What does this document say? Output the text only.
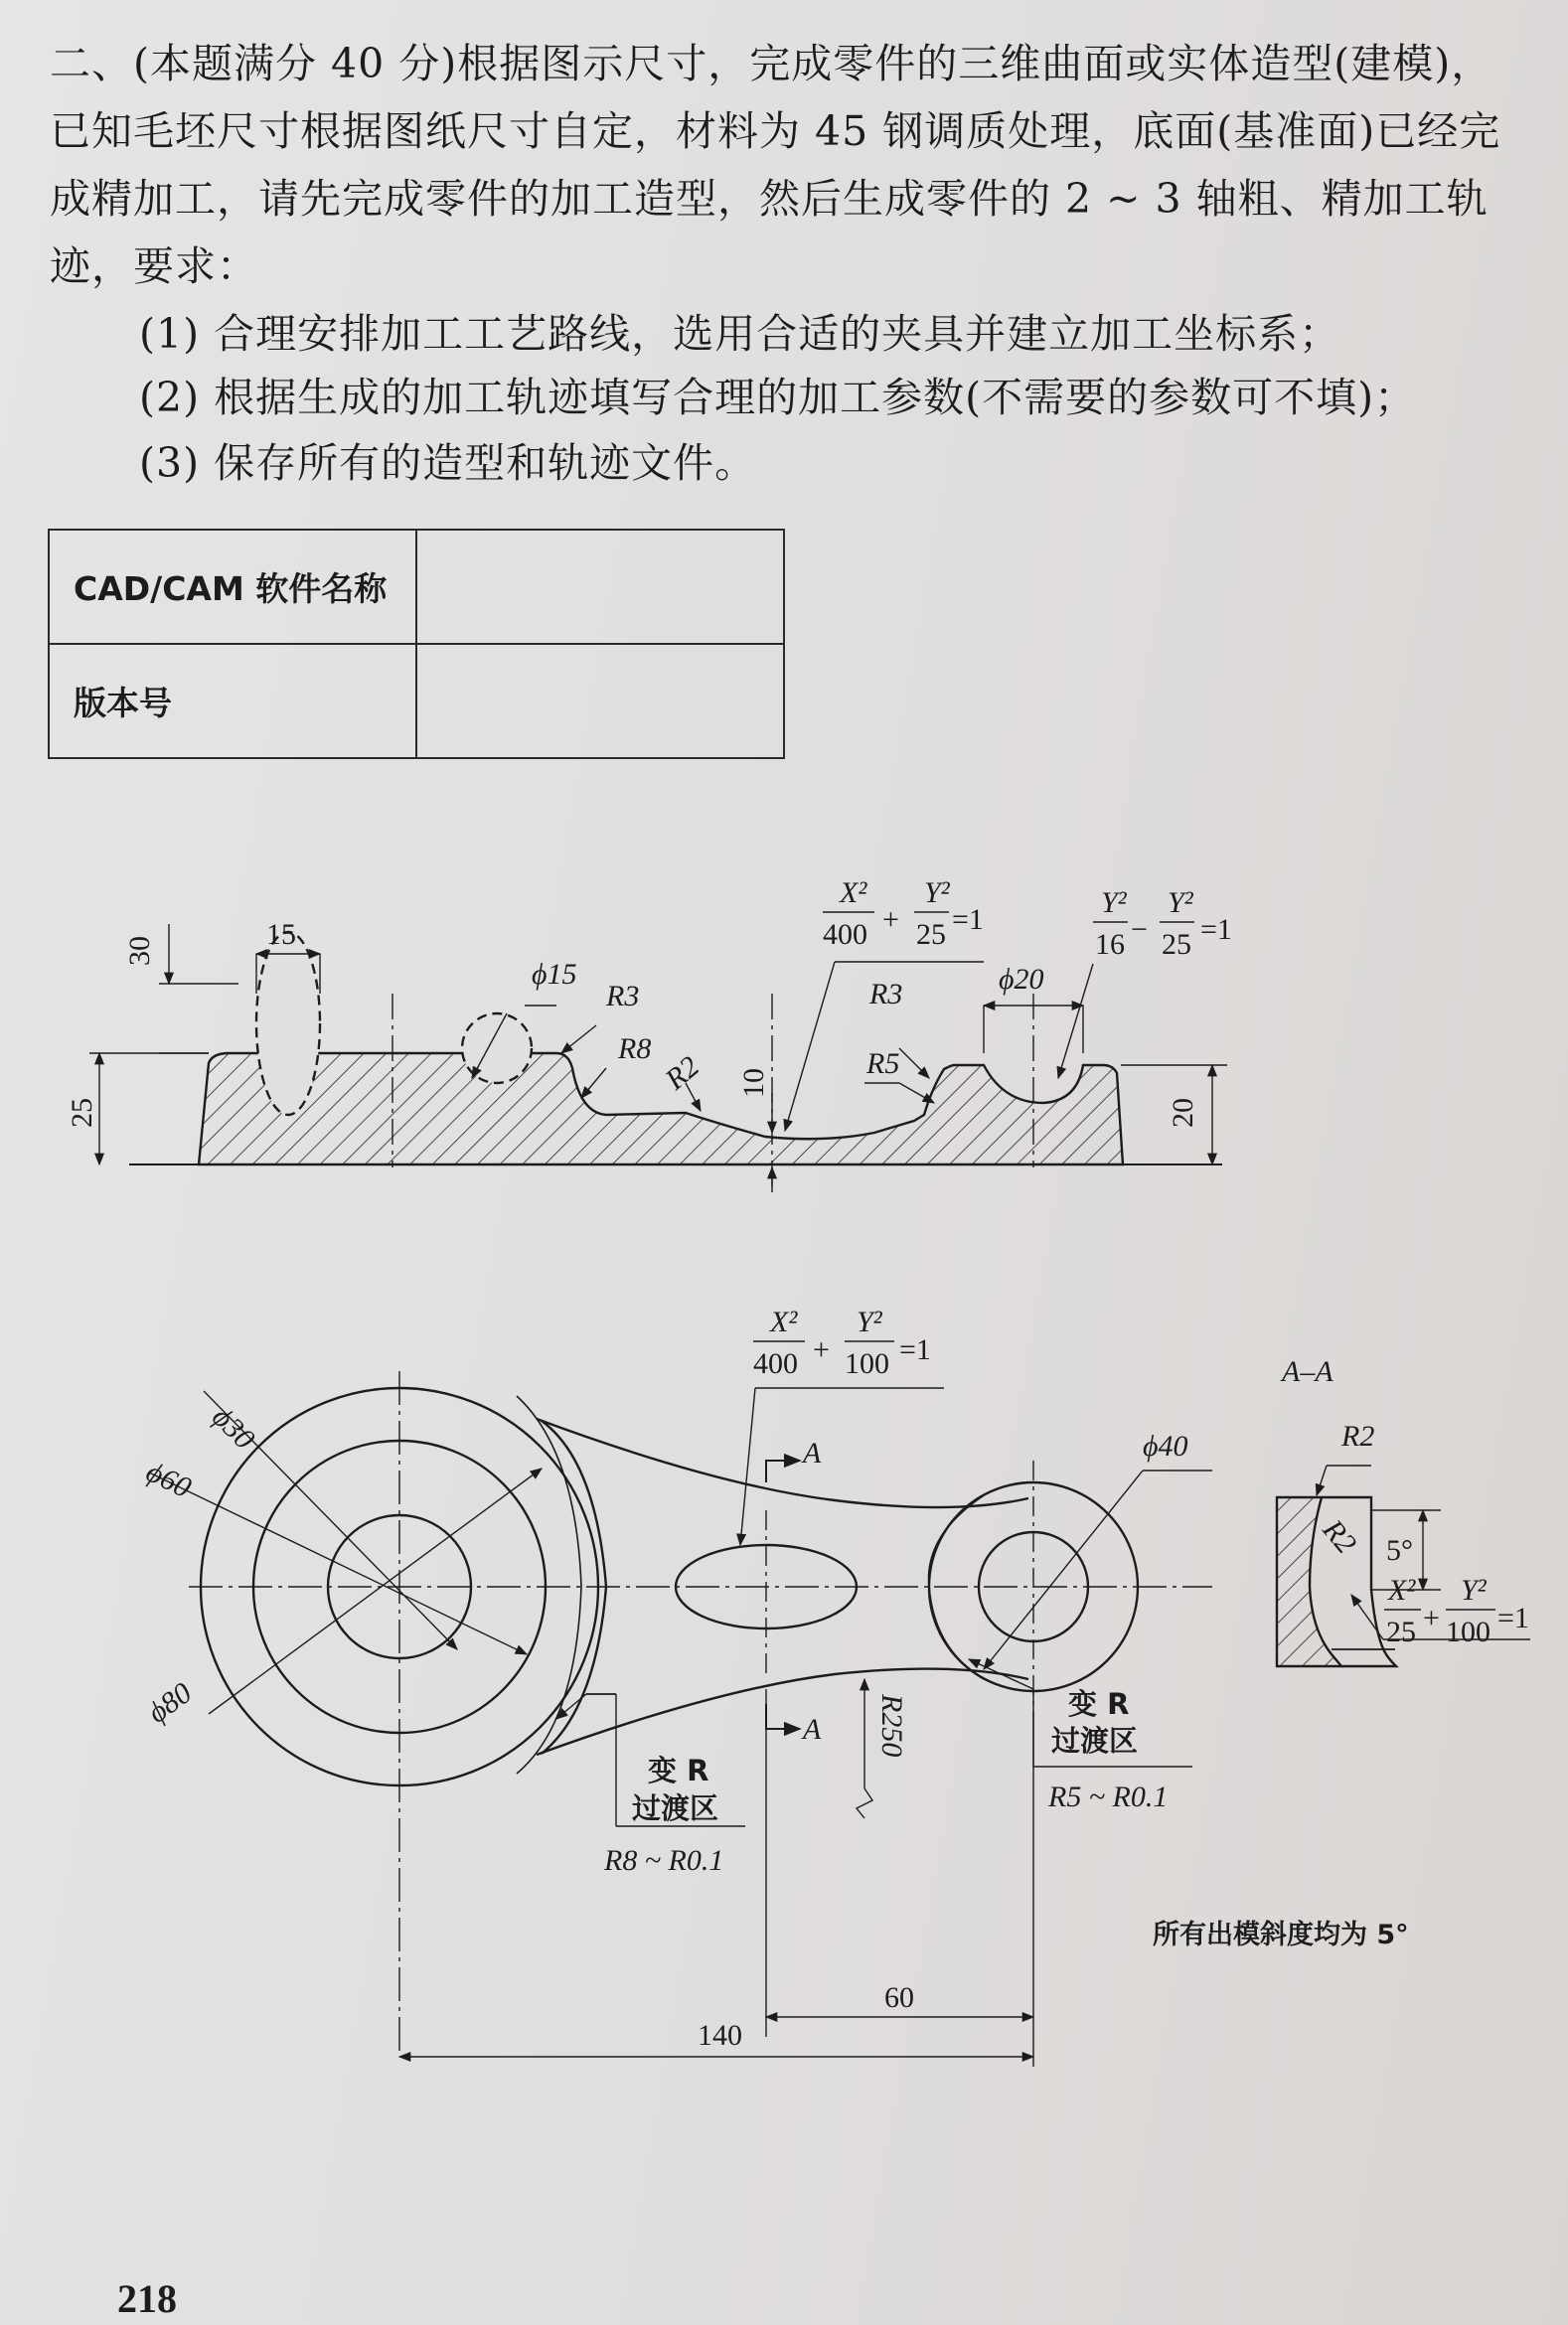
二、(本题满分 40 分)根据图示尺寸，完成零件的三维曲面或实体造型(建模)，已知毛坯尺寸根据图纸尺寸自定，材料为 45 钢调质处理，底面(基准面)已经完成精加工，请先完成零件的加工造型，然后生成零件的 2 ~ 3 轴粗、精加工轨迹，要求：
(1) 合理安排加工工艺路线，选用合适的夹具并建立加工坐标系；
(2) 根据生成的加工轨迹填写合理的加工参数(不需要的参数可不填)；
(3) 保存所有的造型和轨迹文件。
CAD/CAM 软件名称	
版本号	
30	15
25
ϕ15
R3
R8
R2 10
R3
R5
ϕ20
20
X²
400 +
Y²
25 =1
Y²
16 −
Y²
25 =1
ϕ30
ϕ60
ϕ80
ϕ40
A
A R250
X²
400 +
Y²
100 =1
变 R
过渡区
R8 ~ R0.1
变 R
过渡区
R5 ~ R0.1
60
140
A–A
R2
R2 5°
X²
25 +
Y²
100 =1
所有出模斜度均为 5°
218
